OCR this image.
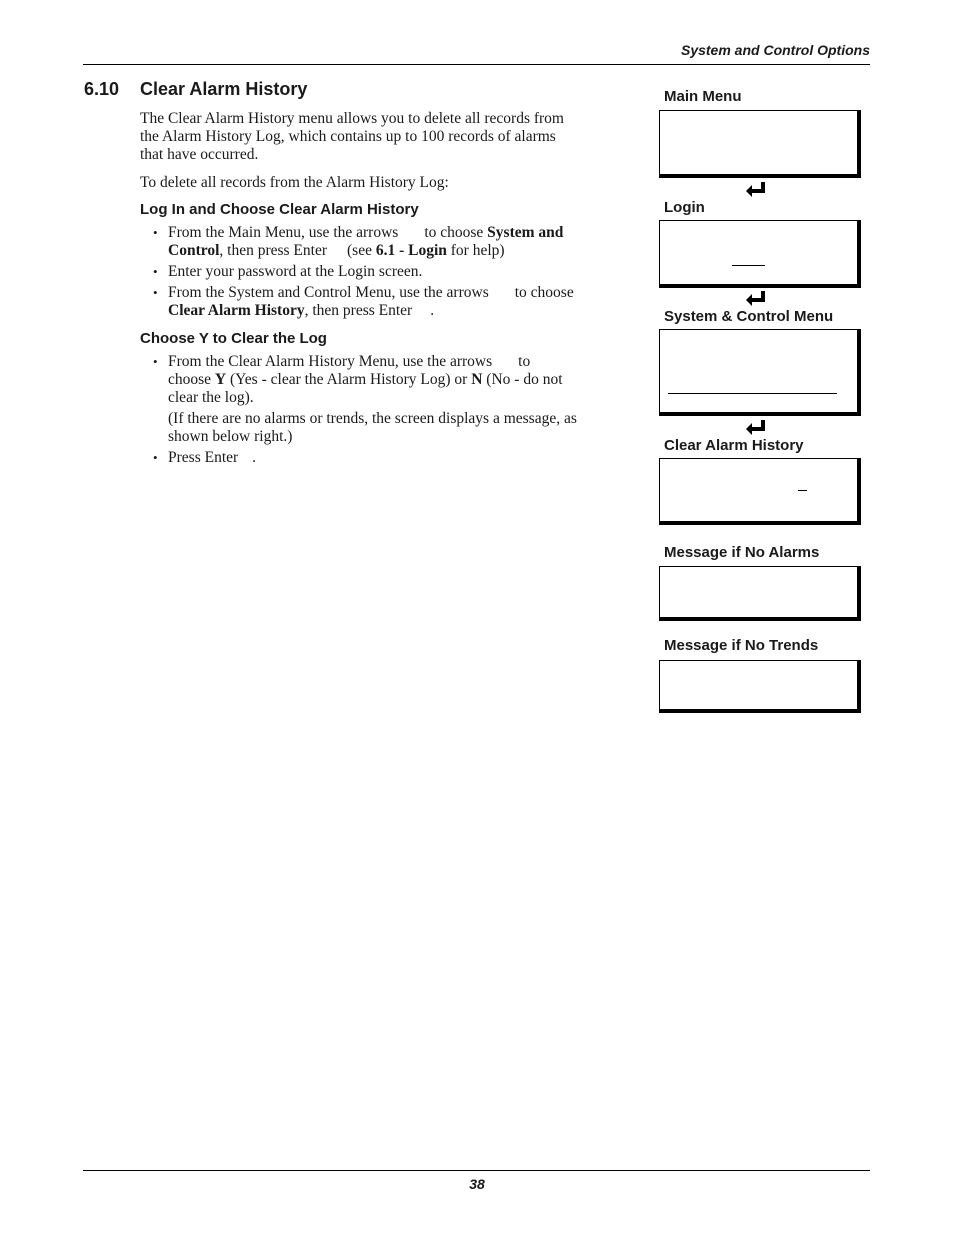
System and Control Options
6.10 Clear Alarm History
The Clear Alarm History menu allows you to delete all records from
the Alarm History Log, which contains up to 100 records of alarms
that have occurred.
To delete all records from the Alarm History Log:
Log In and Choose Clear Alarm History
• From the Main Menu, use the arrows to choose System and
Control, then press Enter (see 6.1 - Login for help)
• Enter your password at the Login screen.
• From the System and Control Menu, use the arrows to choose
Clear Alarm History, then press Enter .
Choose Y to Clear the Log
• From the Clear Alarm History Menu, use the arrows to
choose Y (Yes - clear the Alarm History Log) or N (No - do not
clear the log).
(If there are no alarms or trends, the screen displays a message, as
shown below right.)
• Press Enter .
Main Menu
Login
System & Control Menu
Clear Alarm History
Message if No Alarms
Message if No Trends
38
